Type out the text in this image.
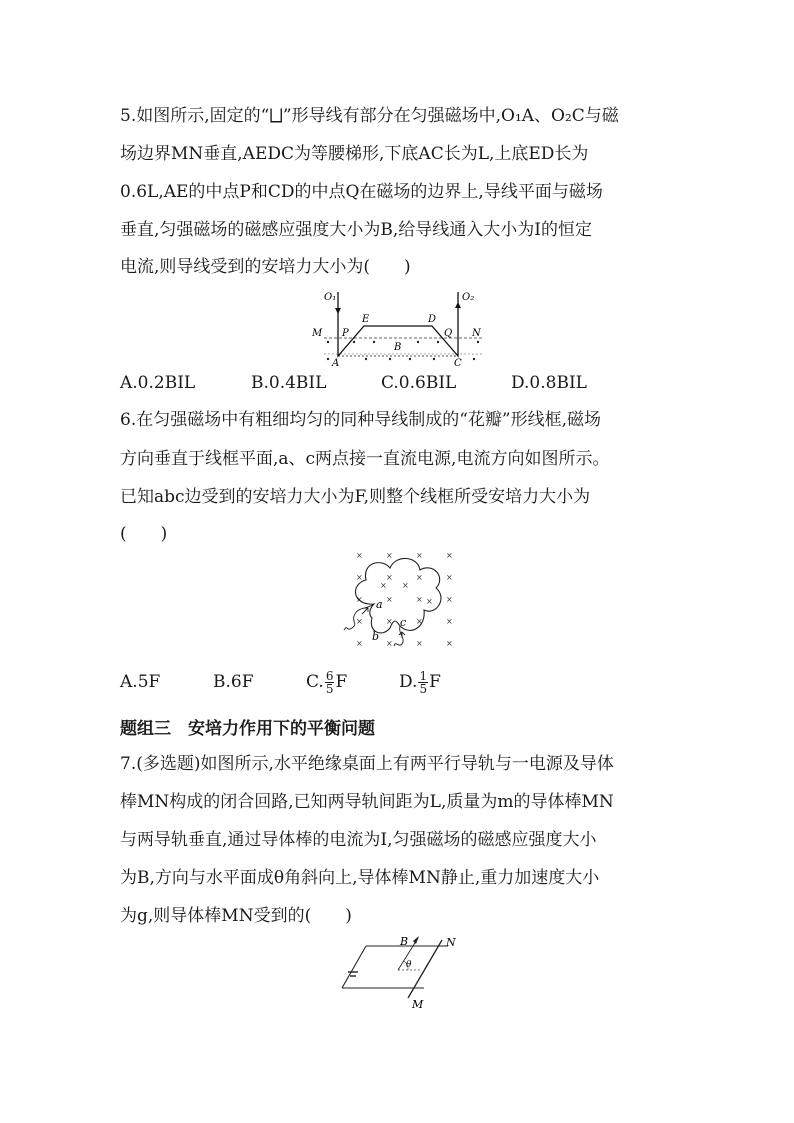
5.如图所示,固定的“⨆”形导线有部分在匀强磁场中,O₁A、O₂C与磁
场边界MN垂直,AEDC为等腰梯形,下底AC长为L,上底ED长为
0.6L,AE的中点P和CD的中点Q在磁场的边界上,导线平面与磁场
垂直,匀强磁场的磁感应强度大小为B,给导线通入大小为I的恒定
电流,则导线受到的安培力大小为(　　)
O₁	O₂
E	D
M P	Q N
A
B
C
A.0.2BIL	B.0.4BIL	C.0.6BIL	D.0.8BIL
6.在匀强磁场中有粗细均匀的同种导线制成的“花瓣”形线框,磁场
方向垂直于线框平面,a、c两点接一直流电源,电流方向如图所示。
已知abc边受到的安培力大小为F,则整个线框所受安培力大小为
(　　)
×	×	×	×
×	×	×	×
×	×	×	×
×	×	×	×
×	×	×	×
×
×
×
a
b
c
A.5F	B.6F	C. $\frac{6}{5}$ F	D. $\frac{1}{5}$ F
题组三　安培力作用下的平衡问题
7.(多选题)如图所示,水平绝缘桌面上有两平行导轨与一电源及导体
棒MN构成的闭合回路,已知两导轨间距为L,质量为m的导体棒MN
与两导轨垂直,通过导体棒的电流为I,匀强磁场的磁感应强度大小
为B,方向与水平面成θ角斜向上,导体棒MN静止,重力加速度大小
为g,则导体棒MN受到的(　　)
B	N
M
θ
